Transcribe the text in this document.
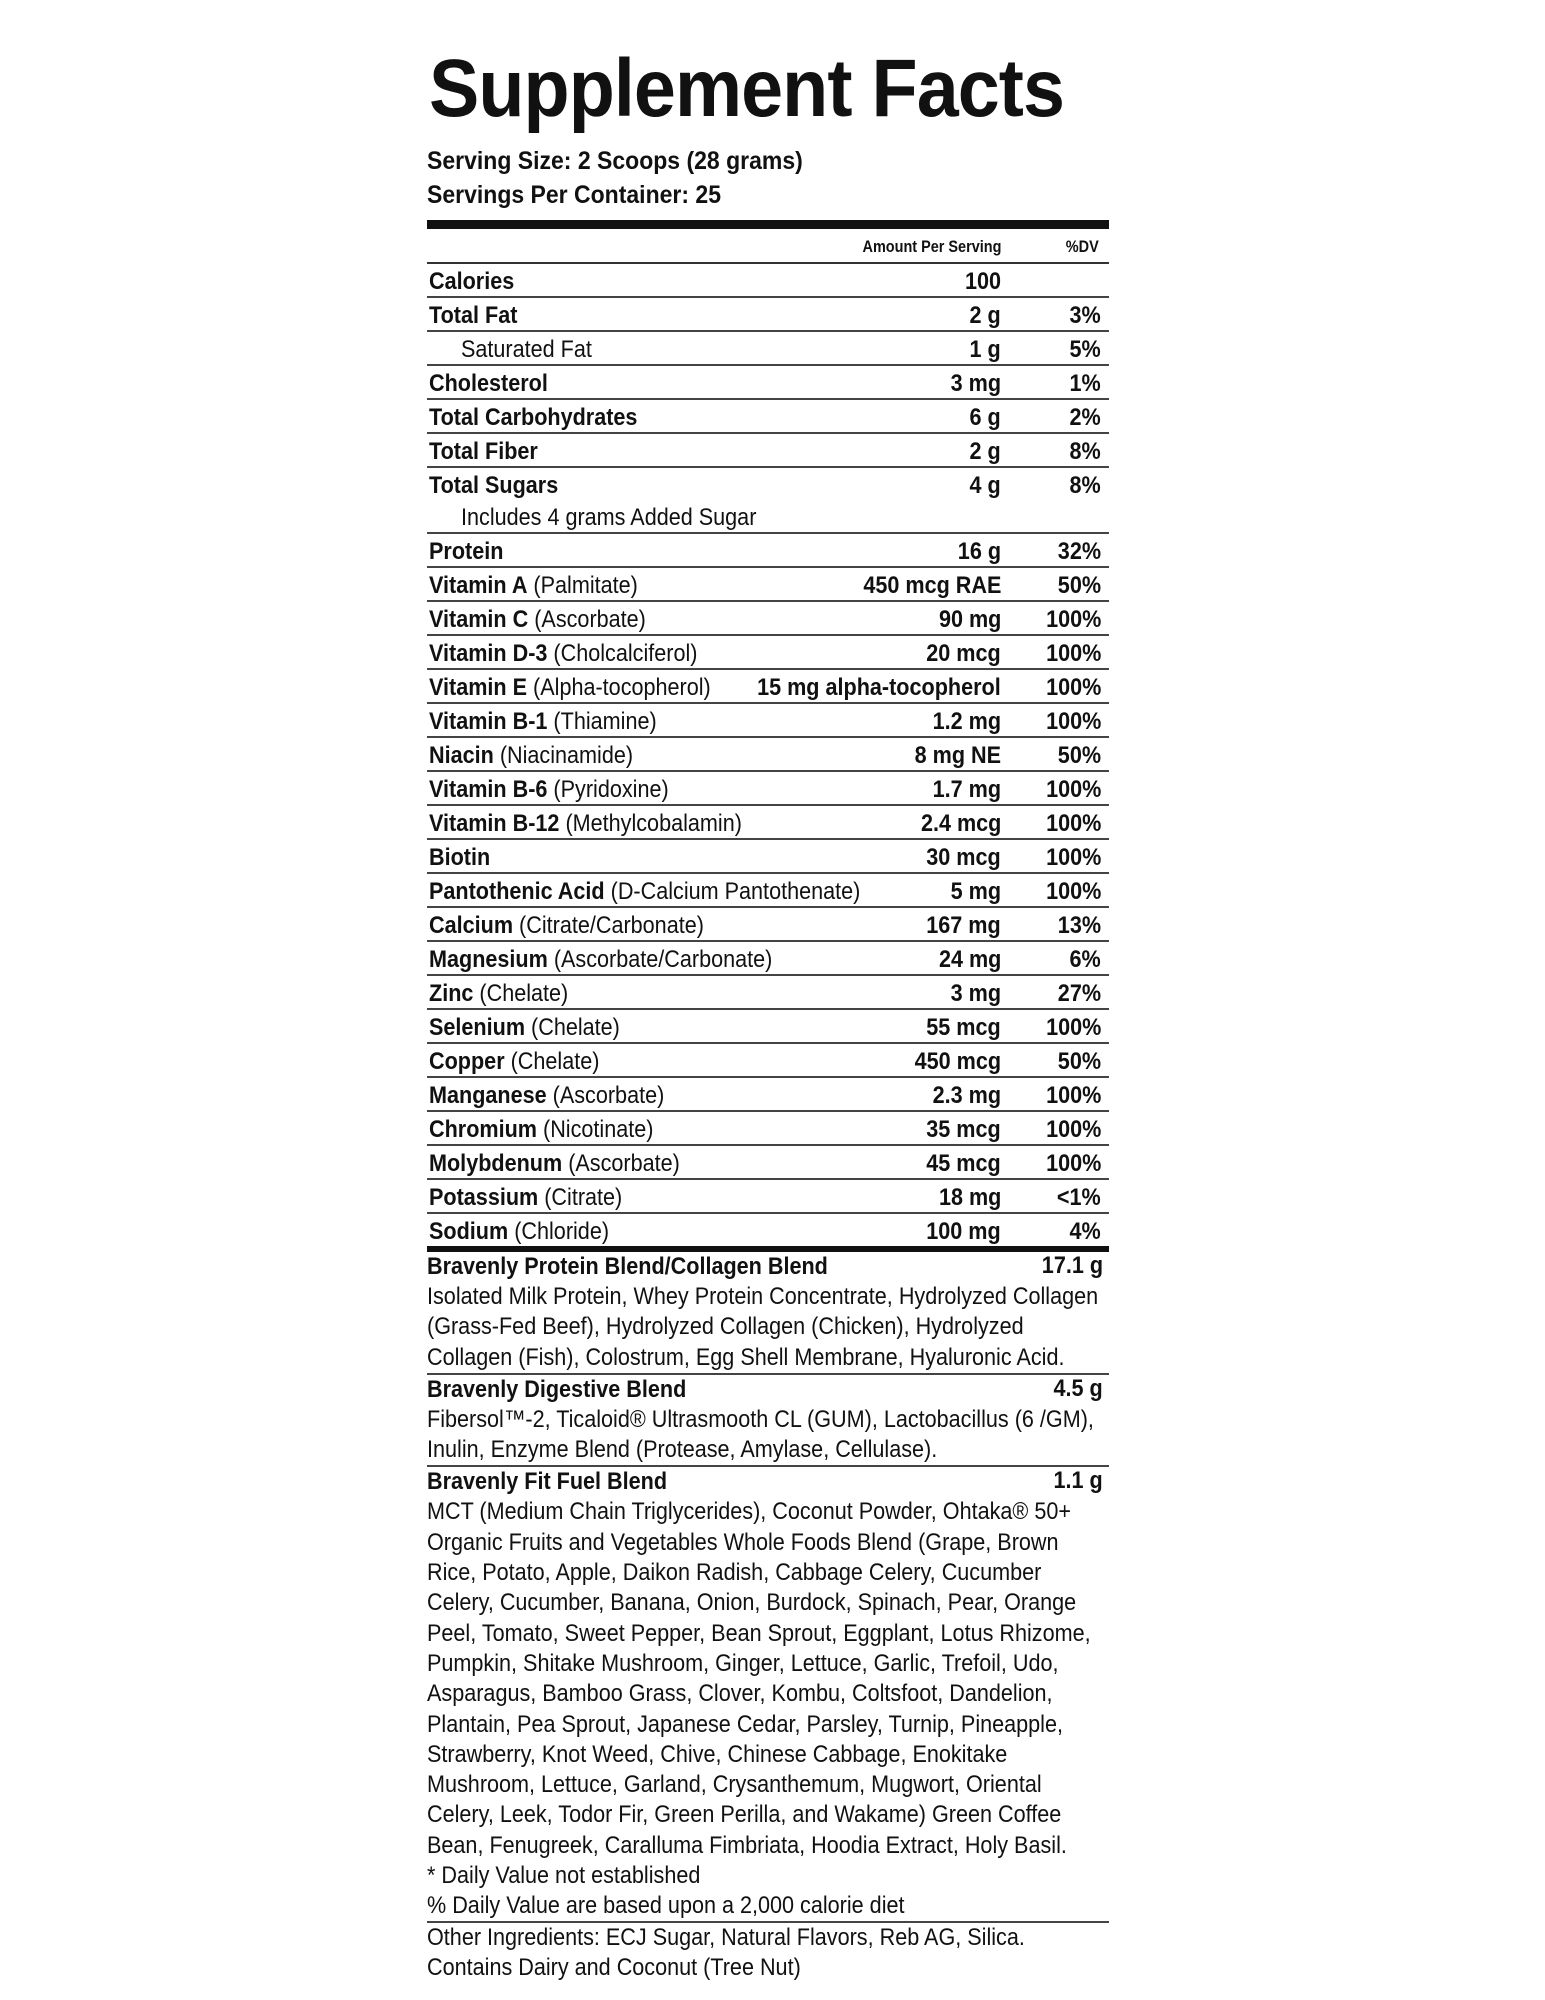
Supplement Facts
Serving Size: 2 Scoops (28 grams)
Servings Per Container: 25
Amount Per Serving	%DV
Calories	100
Total Fat	2 g	3%
Saturated Fat	1 g	5%
Cholesterol	3 mg	1%
Total Carbohydrates	6 g	2%
Total Fiber	2 g	8%
Total Sugars	4 g	8%
Includes 4 grams Added Sugar
Protein	16 g 32%
Vitamin A (Palmitate)	450 mcg RAE 50%
Vitamin C (Ascorbate)	90 mg 100%
Vitamin D-3 (Cholcalciferol)	20 mcg 100%
Vitamin E (Alpha-tocopherol) 15 mg alpha-tocopherol 100%
Vitamin B-1 (Thiamine)	1.2 mg 100%
Niacin (Niacinamide)	8 mg NE 50%
Vitamin B-6 (Pyridoxine)	1.7 mg 100%
Vitamin B-12 (Methylcobalamin)	2.4 mcg 100%
Biotin	30 mcg 100%
Pantothenic Acid (D-Calcium Pantothenate)	5 mg 100%
Calcium (Citrate/Carbonate)	167 mg 13%
Magnesium (Ascorbate/Carbonate)	24 mg	6%
Zinc (Chelate)	3 mg 27%
Selenium (Chelate)	55 mcg 100%
Copper (Chelate)	450 mcg 50%
Manganese (Ascorbate)	2.3 mg 100%
Chromium (Nicotinate)	35 mcg 100%
Molybdenum (Ascorbate)	45 mcg 100%
Potassium (Citrate)	18 mg <1%
Sodium (Chloride)	100 mg	4%
Bravenly Protein Blend/Collagen Blend	17.1 g
Isolated Milk Protein, Whey Protein Concentrate, Hydrolyzed Collagen (Grass-Fed Beef), Hydrolyzed Collagen (Chicken), Hydrolyzed Collagen (Fish), Colostrum, Egg Shell Membrane, Hyaluronic Acid.
Bravenly Digestive Blend	4.5 g
Fibersol™-2, Ticaloid® Ultrasmooth CL (GUM), Lactobacillus (6 /GM), Inulin, Enzyme Blend (Protease, Amylase, Cellulase).
Bravenly Fit Fuel Blend	1.1 g
MCT (Medium Chain Triglycerides), Coconut Powder, Ohtaka® 50+ Organic Fruits and Vegetables Whole Foods Blend (Grape, Brown Rice, Potato, Apple, Daikon Radish, Cabbage Celery, Cucumber Celery, Cucumber, Banana, Onion, Burdock, Spinach, Pear, Orange Peel, Tomato, Sweet Pepper, Bean Sprout, Eggplant, Lotus Rhizome, Pumpkin, Shitake Mushroom, Ginger, Lettuce, Garlic, Trefoil, Udo, Asparagus, Bamboo Grass, Clover, Kombu, Coltsfoot, Dandelion, Plantain, Pea Sprout, Japanese Cedar, Parsley, Turnip, Pineapple, Strawberry, Knot Weed, Chive, Chinese Cabbage, Enokitake Mushroom, Lettuce, Garland, Crysanthemum, Mugwort, Oriental Celery, Leek, Todor Fir, Green Perilla, and Wakame) Green Coffee Bean, Fenugreek, Caralluma Fimbriata, Hoodia Extract, Holy Basil.
* Daily Value not established
% Daily Value are based upon a 2,000 calorie diet
Other Ingredients: ECJ Sugar, Natural Flavors, Reb AG, Silica.
Contains Dairy and Coconut (Tree Nut)
